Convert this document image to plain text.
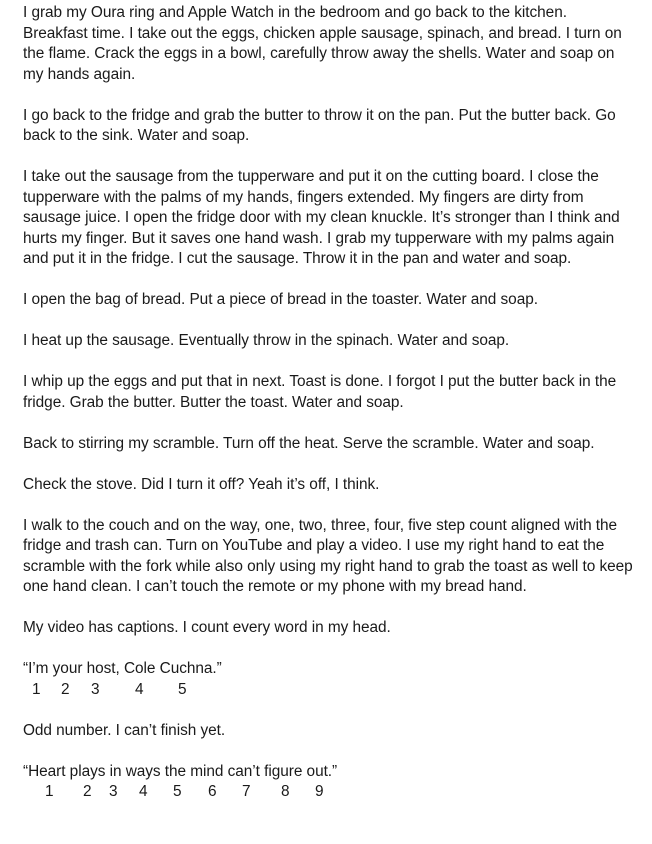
I grab my Oura ring and Apple Watch in the bedroom and go back to the kitchen. Breakfast time. I take out the eggs, chicken apple sausage, spinach, and bread. I turn on the flame. Crack the eggs in a bowl, carefully throw away the shells. Water and soap on my hands again.

I go back to the fridge and grab the butter to throw it on the pan. Put the butter back. Go back to the sink. Water and soap.

I take out the sausage from the tupperware and put it on the cutting board. I close the tupperware with the palms of my hands, fingers extended. My fingers are dirty from sausage juice. I open the fridge door with my clean knuckle. It’s stronger than I think and hurts my finger. But it saves one hand wash. I grab my tupperware with my palms again and put it in the fridge. I cut the sausage. Throw it in the pan and water and soap.

I open the bag of bread. Put a piece of bread in the toaster. Water and soap.

I heat up the sausage. Eventually throw in the spinach. Water and soap.

I whip up the eggs and put that in next. Toast is done. I forgot I put the butter back in the fridge. Grab the butter. Butter the toast. Water and soap.

Back to stirring my scramble. Turn off the heat. Serve the scramble. Water and soap.

Check the stove. Did I turn it off? Yeah it’s off, I think.

I walk to the couch and on the way, one, two, three, four, five step count aligned with the fridge and trash can. Turn on YouTube and play a video. I use my right hand to eat the scramble with the fork while also only using my right hand to grab the toast as well to keep one hand clean. I can’t touch the remote or my phone with my bread hand.

My video has captions. I count every word in my head.

“I’m your host, Cole Cuchna.”

1 2 3 4 5

Odd number. I can’t finish yet.

“Heart plays in ways the mind can’t figure out.”

1 2 3 4 5 6 7 8 9
